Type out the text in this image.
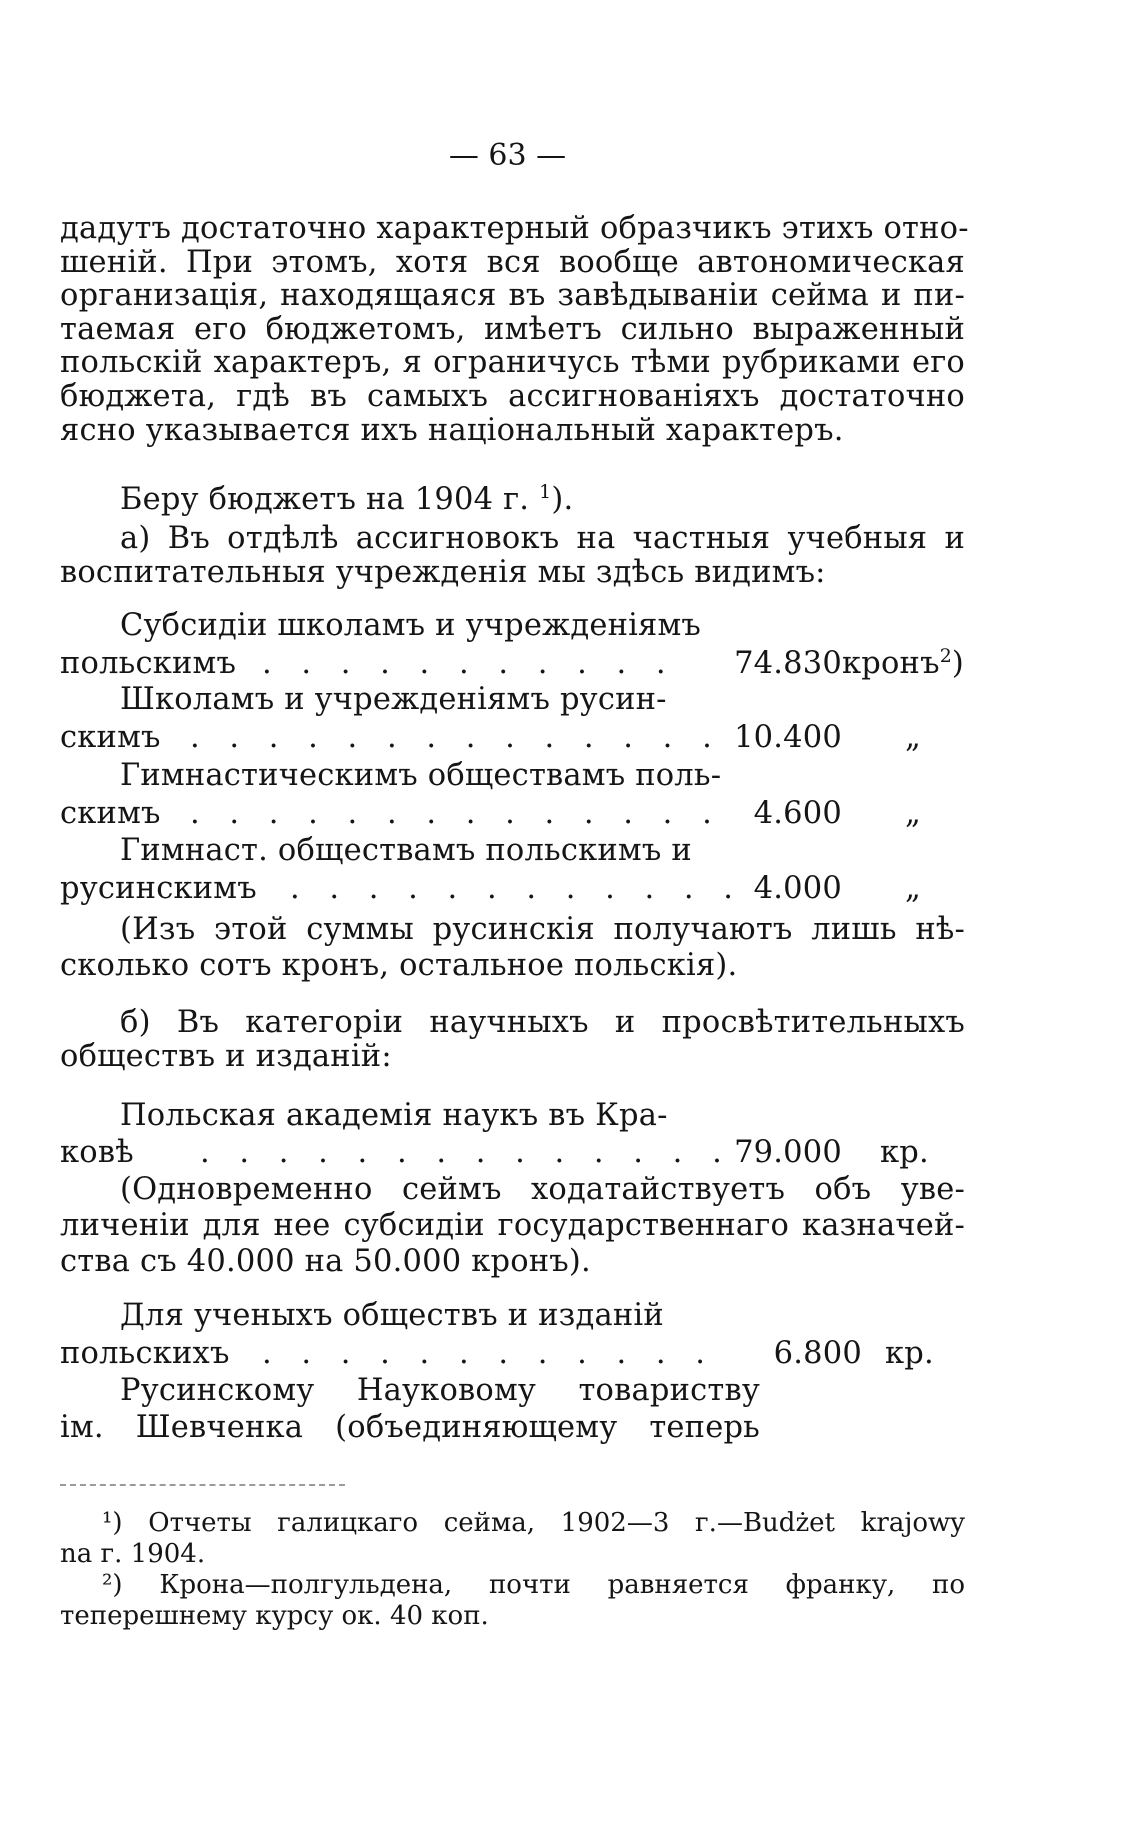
— 63 —
дадутъ достаточно характерный образчикъ этихъ отно-
шеній. При этомъ, хотя вся вообще автономическая
организація, находящаяся въ завѣдываніи сейма и пи-
таемая его бюджетомъ, имѣетъ сильно выраженный
польскій характеръ, я ограничусь тѣми рубриками его
бюджета, гдѣ въ самыхъ ассигнованіяхъ достаточно
ясно указывается ихъ національный характеръ.
Беру бюджетъ на 1904 г. $^1$).
а) Въ отдѣлѣ ассигновокъ на частныя учебныя и
воспитательныя учрежденія мы здѣсь видимъ:
Субсидіи школамъ и учрежденіямъ
польскимъ . . . . . . . . . . .	74.830 кронъ$^2$)
Школамъ и учрежденіямъ русин-
скимъ . . . . . . . . . . . . . . 10.400 „
Гимнастическимъ обществамъ поль-
скимъ . . . . . . . . . . . . . .	4.600 „
Гимнаст. обществамъ польскимъ и
русинскимъ . . . . . . . . . . . . 4.000 „
(Изъ этой суммы русинскія получаютъ лишь нѣ-
сколько сотъ кронъ, остальное польскія).
б) Въ категоріи научныхъ и просвѣтительныхъ
обществъ и изданій:
Польская академія наукъ въ Кра-
ковѣ . . . . . . . . . . . . . . 79.000 кр.
(Одновременно сеймъ ходатайствуетъ объ уве-
личеніи для нее субсидіи государственнаго казначей-
ства съ 40.000 на 50.000 кронъ).
Для ученыхъ обществъ и изданій
польскихъ . . . . . . . . . . . .	6.800 кр.
Русинскому Науковому товариству
ім. Шевченка (объединяющему теперь
¹) Отчеты галицкаго сейма, 1902—3 г.—Budżet krajowy
na г. 1904.
²) Крона—полгульдена, почти равняется франку, по
теперешнему курсу ок. 40 коп.
